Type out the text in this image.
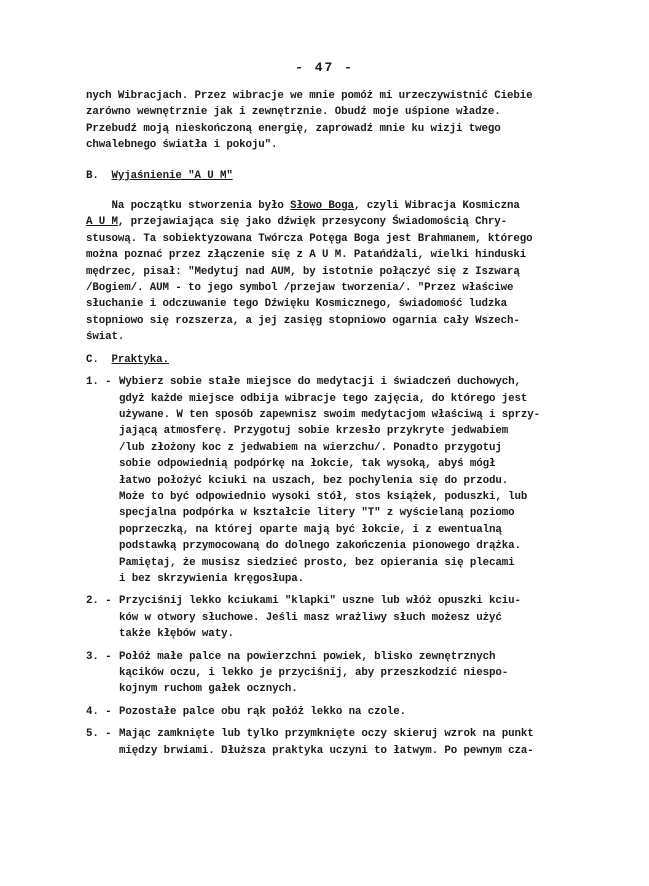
- 47 -
nych Wibracjach. Przez wibracje we mnie pomóż mi urzeczywistnić Ciebie
zarówno wewnętrznie jak i zewnętrznie. Obudź moje uśpione władze.
Przebudź moją nieskończoną energię, zaprowadź mnie ku wizji twego
chwalebnego światła i pokoju".
B. Wyjaśnienie "A U M"
Na początku stworzenia było Słowo Boga, czyli Wibracja Kosmiczna
A U M, przejawiająca się jako dźwięk przesycony Świadomością Chry-
stusową. Ta sobiektyzowana Twórcza Potęga Boga jest Brahmanem, którego
można poznać przez złączenie się z A U M. Patańdżali, wielki hinduski
mędrzec, pisał: "Medytuj nad AUM, by istotnie połączyć się z Iszwarą
/Bogiem/. AUM - to jego symbol /przejaw tworzenia/. "Przez właściwe
słuchanie i odczuwanie tego Dźwięku Kosmicznego, świadomość ludzka
stopniowo się rozszerza, a jej zasięg stopniowo ogarnia cały Wszech-
świat.
C. Praktyka.
1. - Wybierz sobie stałe miejsce do medytacji i świadczeń duchowych,
gdyż każde miejsce odbija wibracje tego zajęcia, do którego jest
używane. W ten sposób zapewnisz swoim medytacjom właściwą i sprzy-
jającą atmosferę. Przygotuj sobie krzesło przykryte jedwabiem
/lub złożony koc z jedwabiem na wierzchu/. Ponadto przygotuj
sobie odpowiednią podpórkę na łokcie, tak wysoką, abyś mógł
łatwo położyć kciuki na uszach, bez pochylenia się do przodu.
Może to być odpowiednio wysoki stół, stos książek, poduszki, lub
specjalna podpórka w kształcie litery "T" z wyścielaną poziomo
poprzeczką, na której oparte mają być łokcie, i z ewentualną
podstawką przymocowaną do dolnego zakończenia pionowego drążka.
Pamiętaj, że musisz siedzieć prosto, bez opierania się plecami
i bez skrzywienia kręgosłupa.
2. - Przyciśnij lekko kciukami "klapki" uszne lub włóż opuszki kciu-
ków w otwory słuchowe. Jeśli masz wrażliwy słuch możesz użyć
także kłębów waty.
3. - Połóż małe palce na powierzchni powiek, blisko zewnętrznych
kącików oczu, i lekko je przyciśnij, aby przeszkodzić niespo-
kojnym ruchom gałek ocznych.
4. - Pozostałe palce obu rąk połóż lekko na czole.
5. - Mając zamknięte lub tylko przymknięte oczy skieruj wzrok na punkt
między brwiami. Dłuższa praktyka uczyni to łatwym. Po pewnym cza-
